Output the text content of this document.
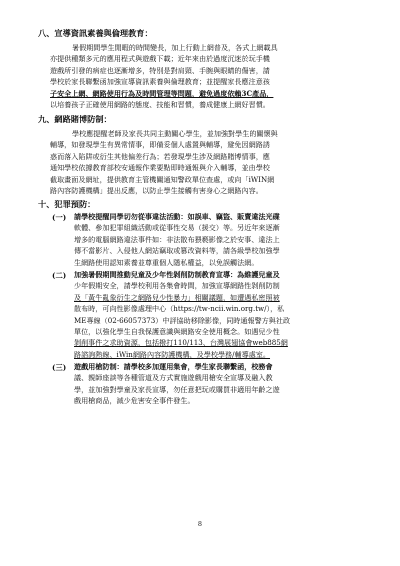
八、宣導資訊素養與倫理教育：
暑假期間學生閒暇的時間變長，加上行動上網普及，各式上網載具
亦提供種類多元的應用程式與遊戲下載；近年來由於過度沉迷於玩手機
遊戲所引發的病症也逐漸增多，特別是對肩頸、手腕與眼睛的傷害，請
學校於家長聯繫函加強宣導資訊素養與倫理教育；並提醒家長應注意孩
子安全上網、網路使用行為及時間管理等問題，避免過度依賴3C產品，
以培養孩子正確使用網路的態度、技能和習慣，養成健康上網好習慣。
九、網路賭博防制：
學校應提醒老師及家長共同主動關心學生，並加強對學生的關懷與
輔導，如發現學生有異常情事，即備妥個人處置與輔導，避免因網路誘
惑而落入陷阱或衍生其他偏差行為；若發現學生涉及網路賭博情事，應
通知學校依據教育部校安通報作業要點即時通報與介入輔導，並由學校
截取畫面及網址，提供教育主管機關通知警政單位查處，或向「iWIN網
路內容防護機構」提出反應，以防止學生接觸有害身心之網路內容。
十、犯罪預防：
(一) 請學校提醒同學切勿從事違法活動：如誤車、竊盜、販賣違法光碟
軟體、參加犯罪組織活動或從事性交易（援交）等。另近年來逐漸
增多的電腦網路違法事件如：非法散布猥褻影像之於安事、違法上
傳不當影片、入侵他人網站竊取或篡改資料等，請各級學校加強學
生網路使用認知素養並尊重個人隱私權益，以免誤觸法網。
(二) 加強暑假期間推動兒童及少年性剝削防制教育宣導：為維護兒童及
少年假期安全，請學校利用各集會時間，加強宣導網路性剝削防制
及「黃牛亂象衍生之網路兒少性暴力」相關議題，如遭遇私密照被
散布時，可向性影像處理中心（https://tw-ncii.win.org.tw/），私
ME專線（02-66057373）中評協助移除影像，同時通報警方與社政
單位，以強化學生自我保護意識與網路安全使用概念。如遇兒少性
剝削事件之求助資源，包括撥打110/113、台灣展翅協會web885網
路諮詢熱線、iWin網路內容防護機構，及學校學務/輔導處室。
(三) 遊戲用槍防制：請學校多加運用集會，學生家長聯繫函，校務會
議、親師座談等各種管道及方式實施遊戲用槍安全宣導及融入教
學，並加強對學童及家長宣導，勿任意把玩或購買非適用年齡之遊
戲用槍商品，減少危害安全事件發生。
8
